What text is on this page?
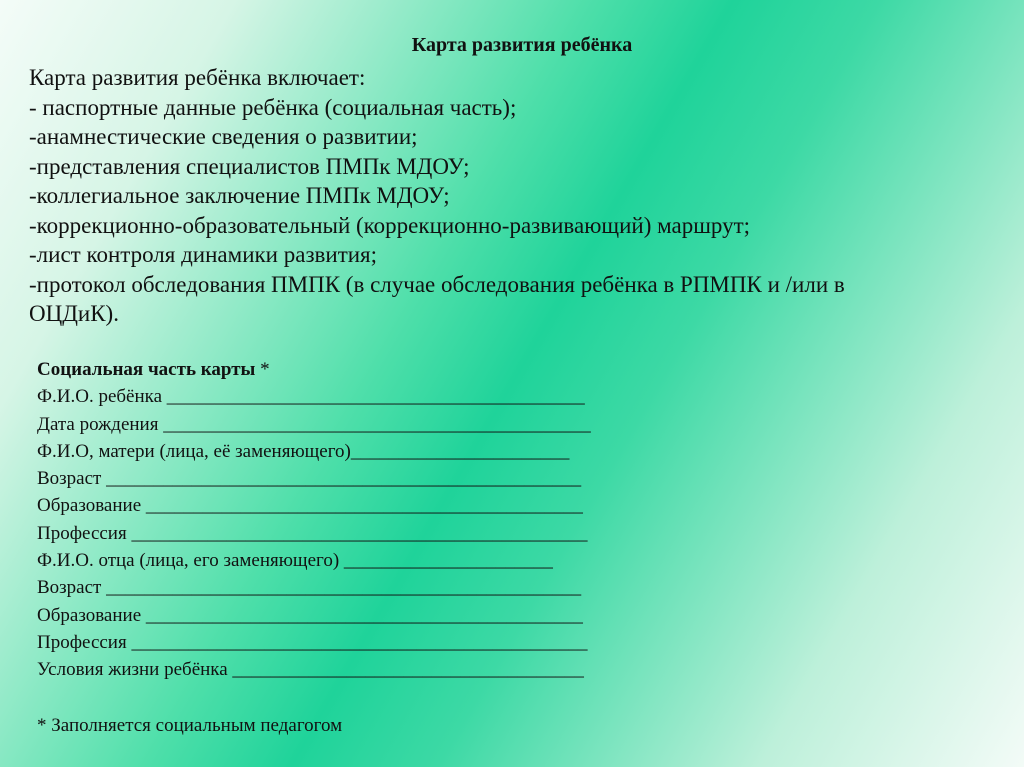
Карта развития ребёнка
Карта развития ребёнка включает:
- паспортные данные ребёнка (социальная часть);
-анамнестические сведения о развитии;
-представления специалистов ПМПк МДОУ;
-коллегиальное заключение ПМПк МДОУ;
-коррекционно-образовательный (коррекционно-развивающий) маршрут;
-лист контроля динамики развития;
-протокол обследования ПМПК (в случае обследования ребёнка в РПМПК и /или в
ОЦДиК).
Социальная часть карты *
Ф.И.О. ребёнка ____________________________________________
Дата рождения _____________________________________________
Ф.И.О, матери (лица, её заменяющего)_______________________
Возраст __________________________________________________
Образование ______________________________________________
Профессия ________________________________________________
Ф.И.О. отца (лица, его заменяющего) ______________________
Возраст __________________________________________________
Образование ______________________________________________
Профессия ________________________________________________
Условия жизни ребёнка _____________________________________
* Заполняется социальным педагогом
